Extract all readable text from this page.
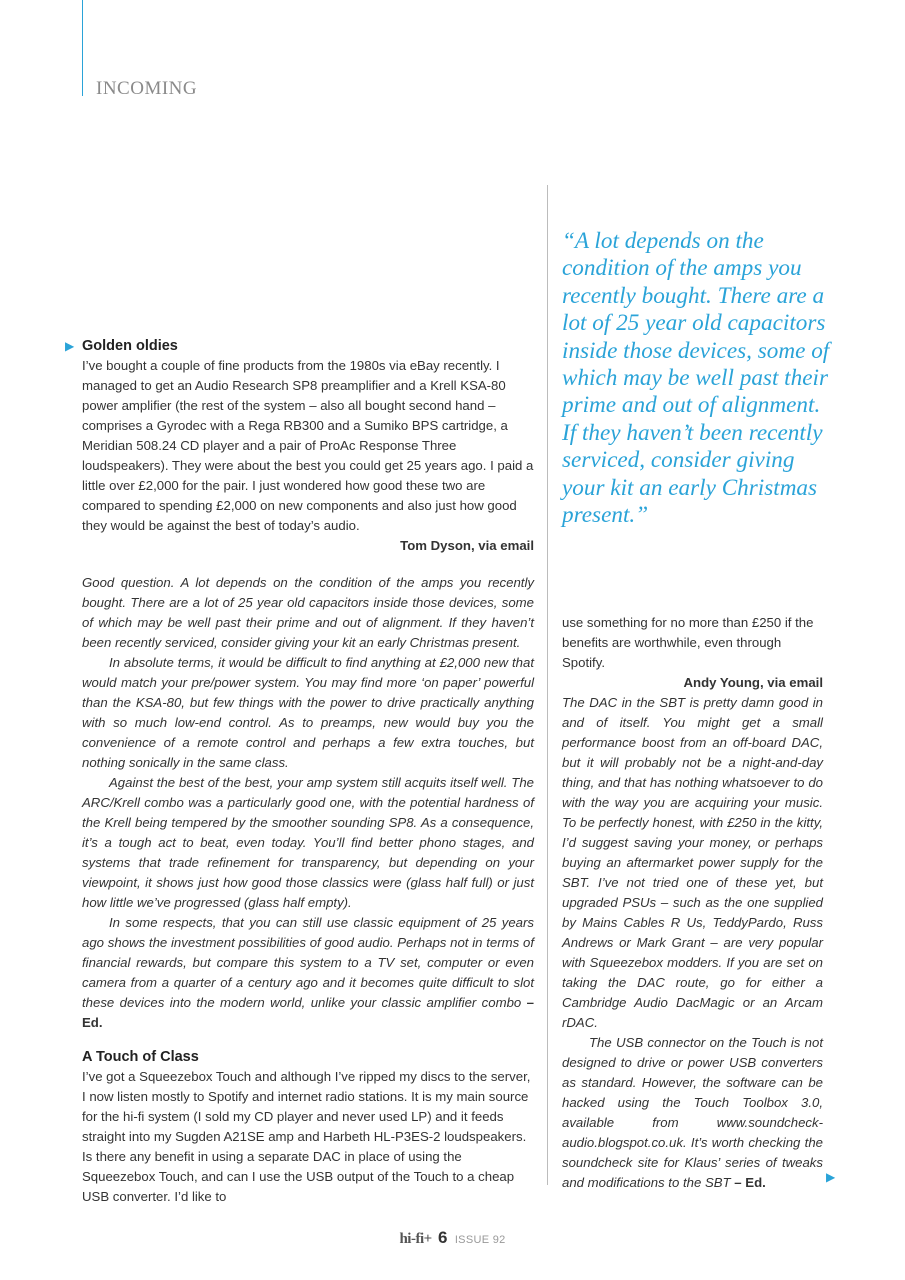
INCOMING
▶ Golden oldies

I’ve bought a couple of fine products from the 1980s via eBay recently. I managed to get an Audio Research SP8 preamplifier and a Krell KSA-80 power amplifier (the rest of the system – also all bought second hand – comprises a Gyrodec with a Rega RB300 and a Sumiko BPS cartridge, a Meridian 508.24 CD player and a pair of ProAc Response Three loudspeakers). They were about the best you could get 25 years ago. I paid a little over £2,000 for the pair. I just wondered how good these two are compared to spending £2,000 on new components and also just how good they would be against the best of today’s audio.

Tom Dyson, via email

Good question. A lot depends on the condition of the amps you recently bought. There are a lot of 25 year old capacitors inside those devices, some of which may be well past their prime and out of alignment. If they haven’t been recently serviced, consider giving your kit an early Christmas present.

In absolute terms, it would be difficult to find anything at £2,000 new that would match your pre/power system. You may find more ‘on paper’ powerful than the KSA-80, but few things with the power to drive practically anything with so much low-end control. As to preamps, new would buy you the convenience of a remote control and perhaps a few extra touches, but nothing sonically in the same class.

Against the best of the best, your amp system still acquits itself well. The ARC/Krell combo was a particularly good one, with the potential hardness of the Krell being tempered by the smoother sounding SP8. As a consequence, it’s a tough act to beat, even today. You’ll find better phono stages, and systems that trade refinement for transparency, but depending on your viewpoint, it shows just how good those classics were (glass half full) or just how little we’ve progressed (glass half empty).

In some respects, that you can still use classic equipment of 25 years ago shows the investment possibilities of good audio. Perhaps not in terms of financial rewards, but compare this system to a TV set, computer or even camera from a quarter of a century ago and it becomes quite difficult to slot these devices into the modern world, unlike your classic amplifier combo – Ed.

A Touch of Class

I’ve got a Squeezebox Touch and although I’ve ripped my discs to the server, I now listen mostly to Spotify and internet radio stations. It is my main source for the hi-fi system (I sold my CD player and never used LP) and it feeds straight into my Sugden A21SE amp and Harbeth HL-P3ES-2 loudspeakers. Is there any benefit in using a separate DAC in place of using the Squeezebox Touch, and can I use the USB output of the Touch to a cheap USB converter. I’d like to

“A lot depends on the condition of the amps you recently bought. There are a lot of 25 year old capacitors inside those devices, some of which may be well past their prime and out of alignment. If they haven’t been recently serviced, consider giving your kit an early Christmas present.”

use something for no more than £250 if the benefits are worthwhile, even through Spotify.

Andy Young, via email

The DAC in the SBT is pretty damn good in and of itself. You might get a small performance boost from an off-board DAC, but it will probably not be a night-and-day thing, and that has nothing whatsoever to do with the way you are acquiring your music. To be perfectly honest, with £250 in the kitty, I’d suggest saving your money, or perhaps buying an aftermarket power supply for the SBT. I’ve not tried one of these yet, but upgraded PSUs – such as the one supplied by Mains Cables R Us, TeddyPardo, Russ Andrews or Mark Grant – are very popular with Squeezebox modders. If you are set on taking the DAC route, go for either a Cambridge Audio DacMagic or an Arcam rDAC.

The USB connector on the Touch is not designed to drive or power USB converters as standard. However, the software can be hacked using the Touch Toolbox 3.0, available from www.soundcheck-audio.blogspot.co.uk. It’s worth checking the soundcheck site for Klaus’ series of tweaks and modifications to the SBT – Ed.	▶
hi-fi+ 6 ISSUE 92
